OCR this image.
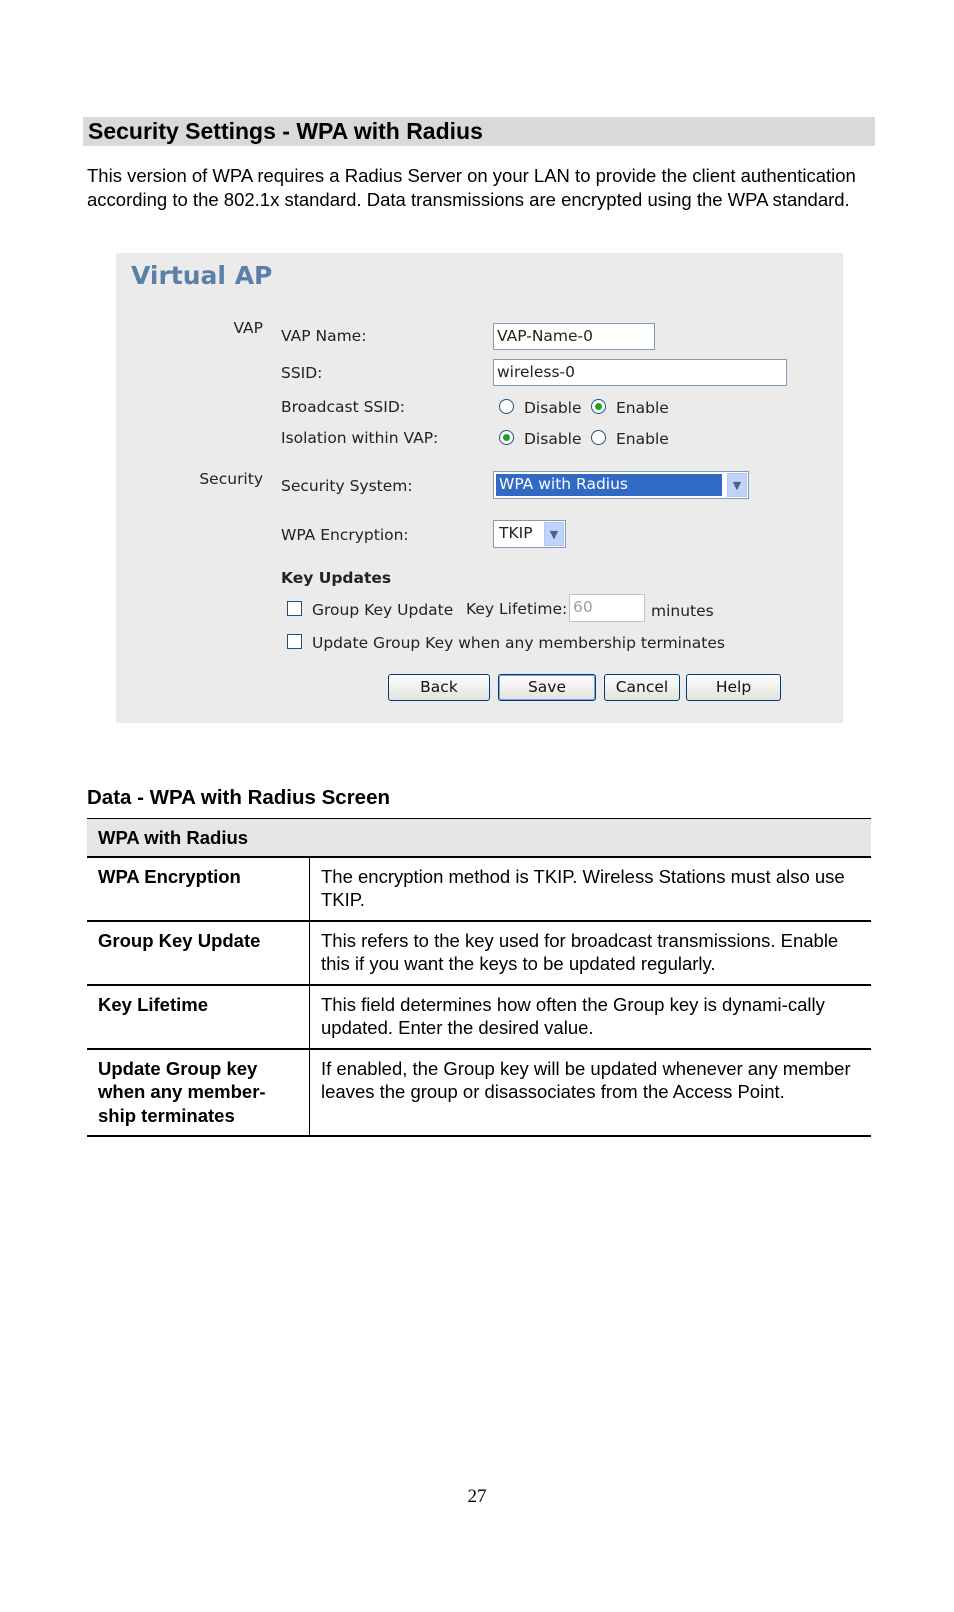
Security Settings - WPA with Radius
This version of WPA requires a Radius Server on your LAN to provide the client authentication according to the 802.1x standard. Data transmissions are encrypted using the WPA standard.
Virtual AP
VAP VAP Name:	VAP-Name-0
SSID:	wireless-0
Broadcast SSID:	Disable Enable
Isolation within VAP:	Disable Enable
Security Security System:	WPA with Radius	▼
WPA Encryption:	TKIP	▼
Key Updates
Group Key Update Key Lifetime: 60	minutes
Update Group Key when any membership terminates
Back	Save	Cancel	Help
Data - WPA with Radius Screen
WPA with Radius	
WPA Encryption	The encryption method is TKIP. Wireless Stations must also use TKIP.
Group Key Update	This refers to the key used for broadcast transmissions. Enable this if you want the keys to be updated regularly.
Key Lifetime	This field determines how often the Group key is dynami-cally updated. Enter the desired value.
Update Group key when any member-ship terminates	If enabled, the Group key will be updated whenever any member leaves the group or disassociates from the Access Point.
27
